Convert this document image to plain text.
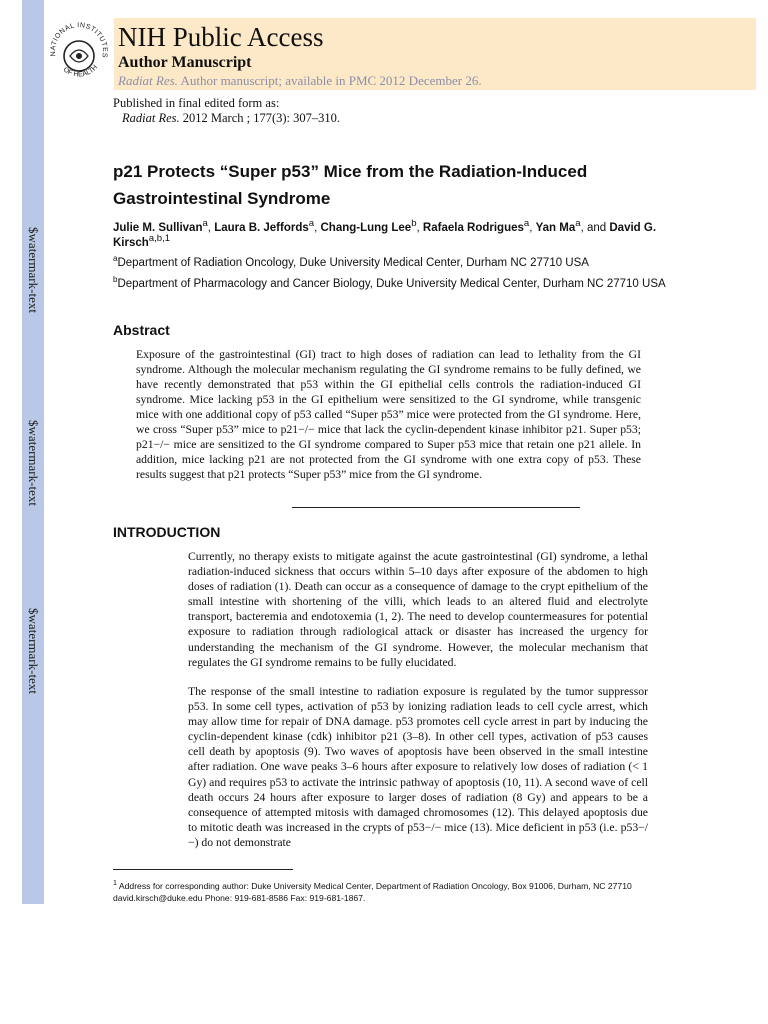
$watermark-text
$watermark-text
$watermark-text
NATIONAL INSTITUTES
OF HEALTH
NIH Public Access
Author Manuscript
Radiat Res. Author manuscript; available in PMC 2012 December 26.
Published in final edited form as:
Radiat Res. 2012 March ; 177(3): 307–310.
p21 Protects “Super p53” Mice from the Radiation-Induced Gastrointestinal Syndrome
Julie M. Sullivan$^a$, Laura B. Jeffords$^a$, Chang-Lung Lee$^b$, Rafaela Rodrigues$^a$, Yan Ma$^a$, and David G. Kirsch$^{a,b,1}$
$^a$Department of Radiation Oncology, Duke University Medical Center, Durham NC 27710 USA
$^b$Department of Pharmacology and Cancer Biology, Duke University Medical Center, Durham NC 27710 USA
Abstract
Exposure of the gastrointestinal (GI) tract to high doses of radiation can lead to lethality from the GI syndrome. Although the molecular mechanism regulating the GI syndrome remains to be fully defined, we have recently demonstrated that p53 within the GI epithelial cells controls the radiation-induced GI syndrome. Mice lacking p53 in the GI epithelium were sensitized to the GI syndrome, while transgenic mice with one additional copy of p53 called “Super p53” mice were protected from the GI syndrome. Here, we cross “Super p53” mice to p21−/− mice that lack the cyclin-dependent kinase inhibitor p21. Super p53; p21−/− mice are sensitized to the GI syndrome compared to Super p53 mice that retain one p21 allele. In addition, mice lacking p21 are not protected from the GI syndrome with one extra copy of p53. These results suggest that p21 protects “Super p53” mice from the GI syndrome.
INTRODUCTION
Currently, no therapy exists to mitigate against the acute gastrointestinal (GI) syndrome, a lethal radiation-induced sickness that occurs within 5–10 days after exposure of the abdomen to high doses of radiation (1). Death can occur as a consequence of damage to the crypt epithelium of the small intestine with shortening of the villi, which leads to an altered fluid and electrolyte transport, bacteremia and endotoxemia (1, 2). The need to develop countermeasures for potential exposure to radiation through radiological attack or disaster has increased the urgency for understanding the mechanism of the GI syndrome. However, the molecular mechanism that regulates the GI syndrome remains to be fully elucidated.
The response of the small intestine to radiation exposure is regulated by the tumor suppressor p53. In some cell types, activation of p53 by ionizing radiation leads to cell cycle arrest, which may allow time for repair of DNA damage. p53 promotes cell cycle arrest in part by inducing the cyclin-dependent kinase (cdk) inhibitor p21 (3–8). In other cell types, activation of p53 causes cell death by apoptosis (9). Two waves of apoptosis have been observed in the small intestine after radiation. One wave peaks 3–6 hours after exposure to relatively low doses of radiation (< 1 Gy) and requires p53 to activate the intrinsic pathway of apoptosis (10, 11). A second wave of cell death occurs 24 hours after exposure to larger doses of radiation (8 Gy) and appears to be a consequence of attempted mitosis with damaged chromosomes (12). This delayed apoptosis due to mitotic death was increased in the crypts of p53−/− mice (13). Mice deficient in p53 (i.e. p53−/−) do not demonstrate
$^1$ Address for corresponding author: Duke University Medical Center, Department of Radiation Oncology, Box 91006, Durham, NC 27710 david.kirsch@duke.edu Phone: 919-681-8586 Fax: 919-681-1867.
